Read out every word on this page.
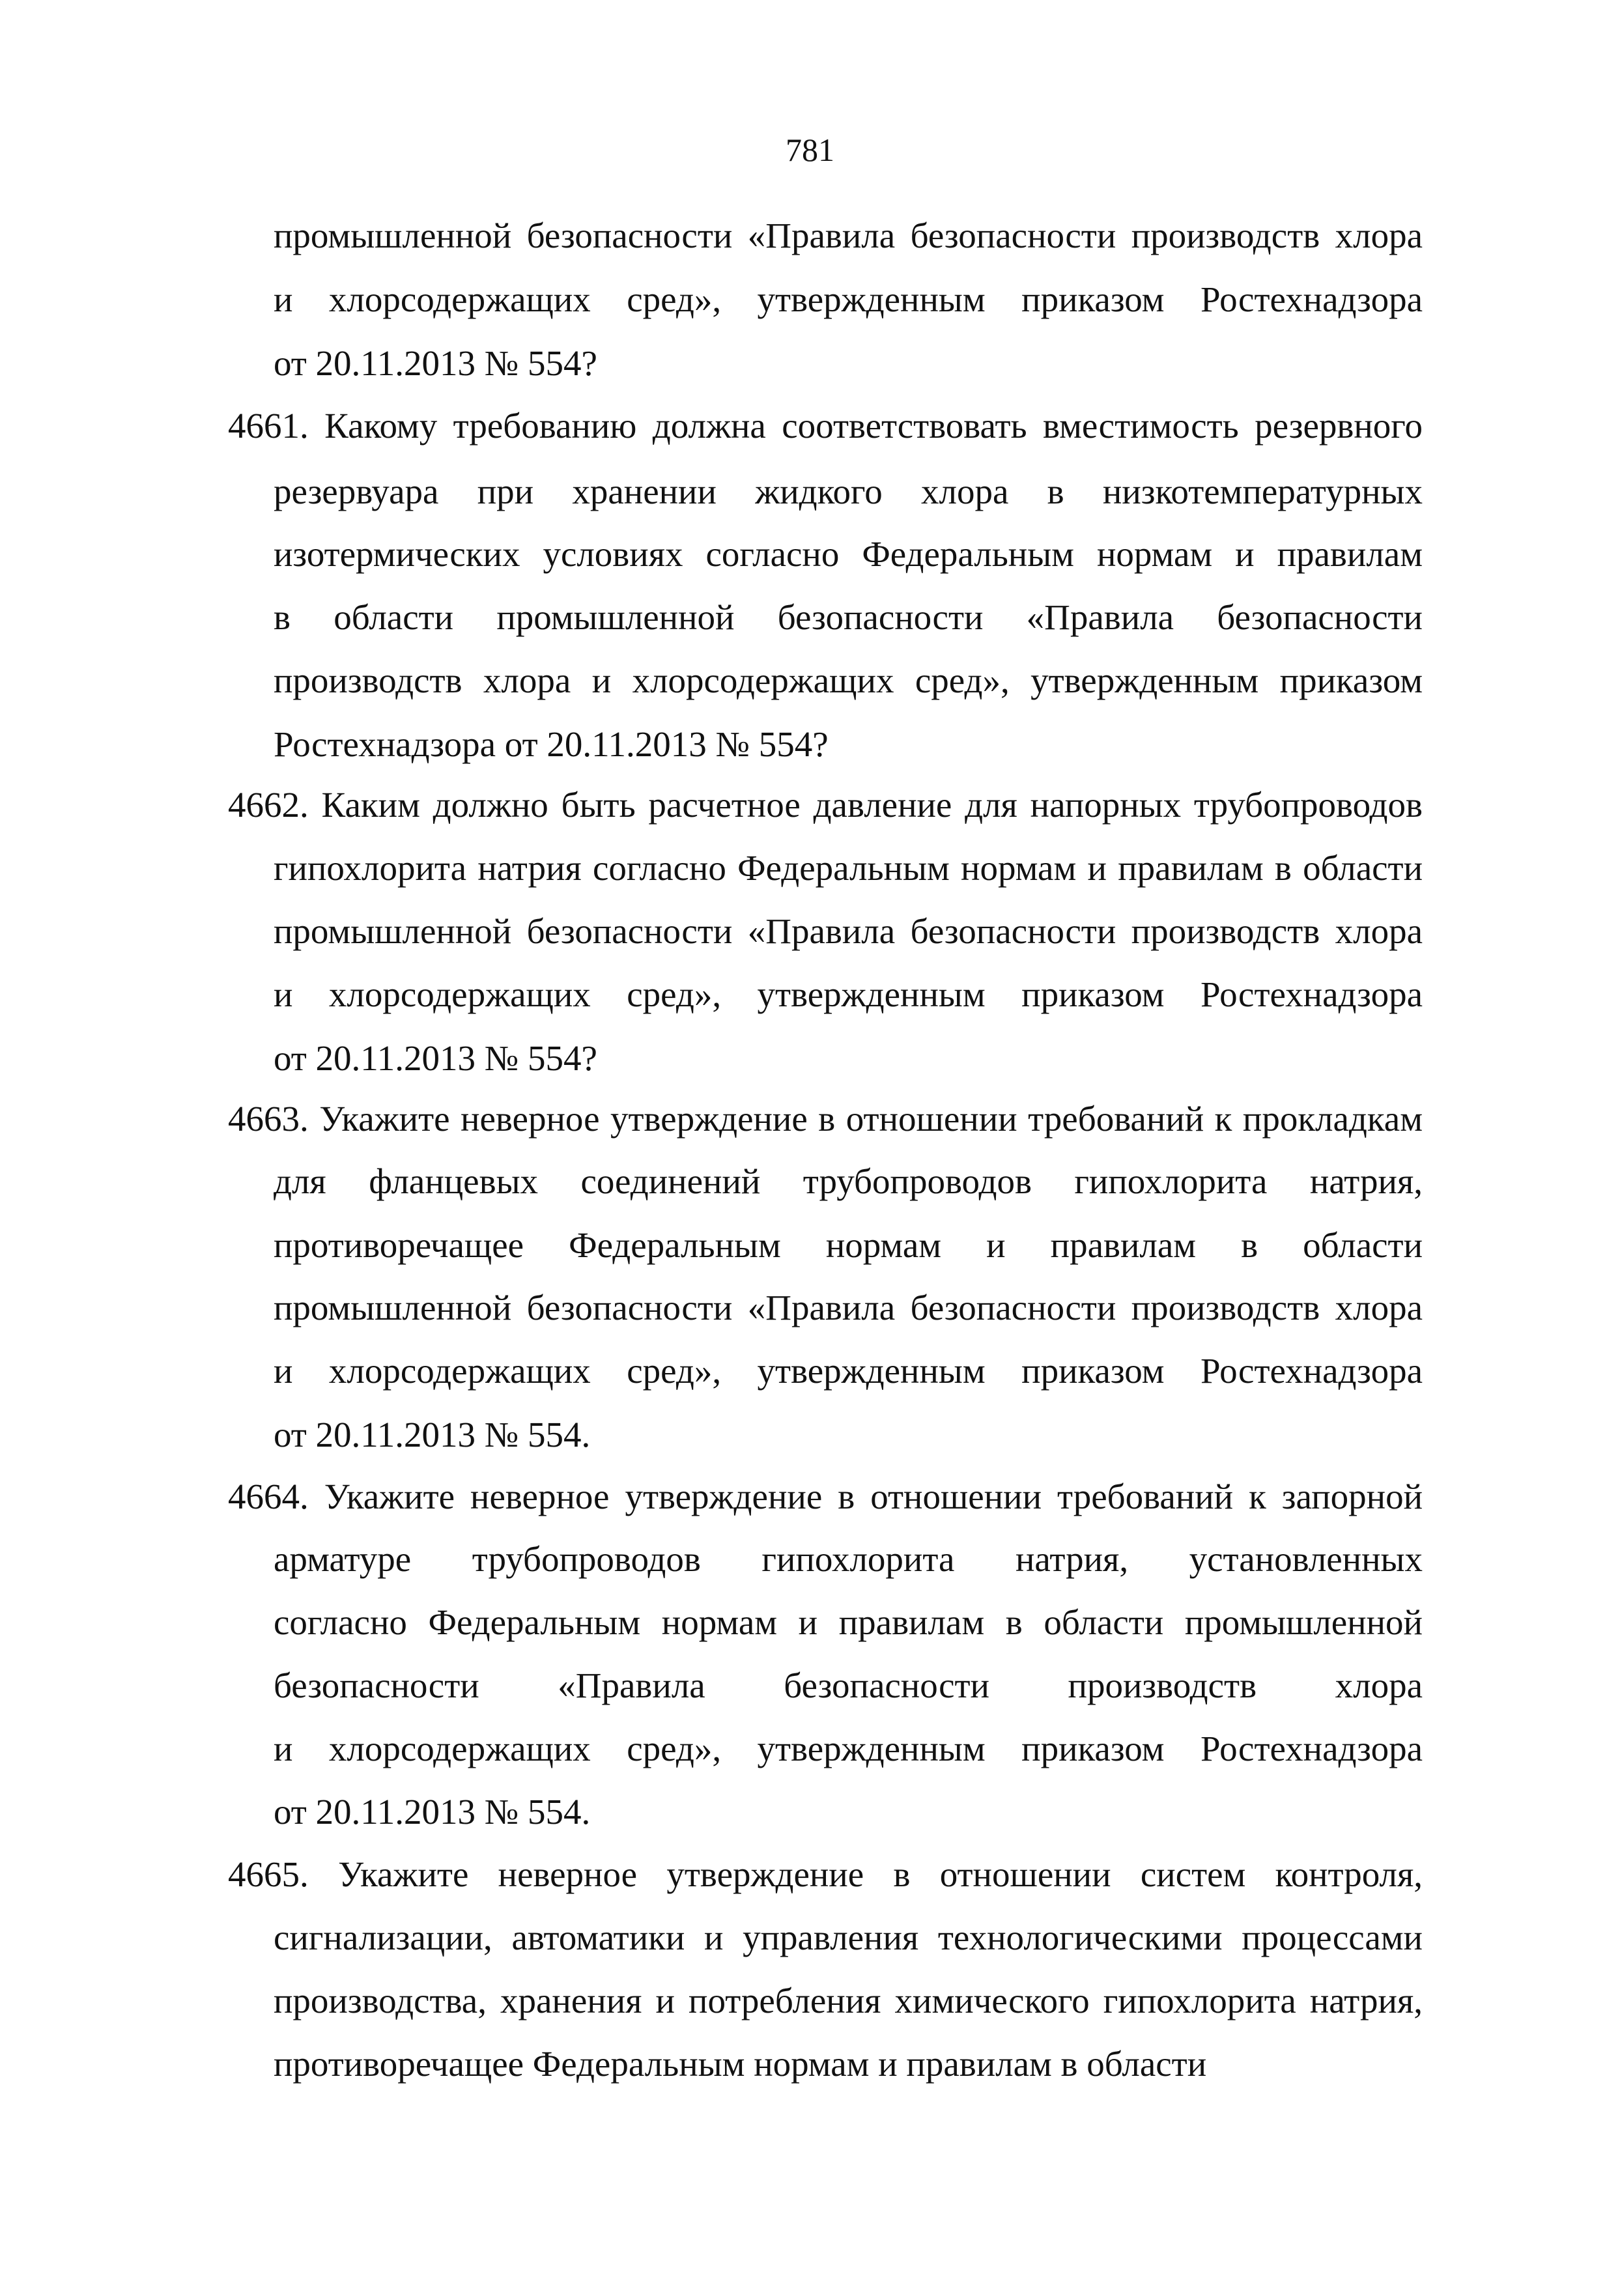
781
промышленной безопасности «Правила безопасности производств хлора
и хлорсодержащих сред», утвержденным приказом Ростехнадзора
от 20.11.2013 № 554?
4661. Какому требованию должна соответствовать вместимость резервного
резервуара при хранении жидкого хлора в низкотемпературных
изотермических условиях согласно Федеральным нормам и правилам
в области промышленной безопасности «Правила безопасности
производств хлора и хлорсодержащих сред», утвержденным приказом
Ростехнадзора от 20.11.2013 № 554?
4662. Каким должно быть расчетное давление для напорных трубопроводов
гипохлорита натрия согласно Федеральным нормам и правилам в области
промышленной безопасности «Правила безопасности производств хлора
и хлорсодержащих сред», утвержденным приказом Ростехнадзора
от 20.11.2013 № 554?
4663. Укажите неверное утверждение в отношении требований к прокладкам
для фланцевых соединений трубопроводов гипохлорита натрия,
противоречащее Федеральным нормам и правилам в области
промышленной безопасности «Правила безопасности производств хлора
и хлорсодержащих сред», утвержденным приказом Ростехнадзора
от 20.11.2013 № 554.
4664. Укажите неверное утверждение в отношении требований к запорной
арматуре трубопроводов гипохлорита натрия, установленных
согласно Федеральным нормам и правилам в области промышленной
безопасности «Правила безопасности производств хлора
и хлорсодержащих сред», утвержденным приказом Ростехнадзора
от 20.11.2013 № 554.
4665. Укажите неверное утверждение в отношении систем контроля,
сигнализации, автоматики и управления технологическими процессами
производства, хранения и потребления химического гипохлорита натрия,
противоречащее Федеральным нормам и правилам в области
